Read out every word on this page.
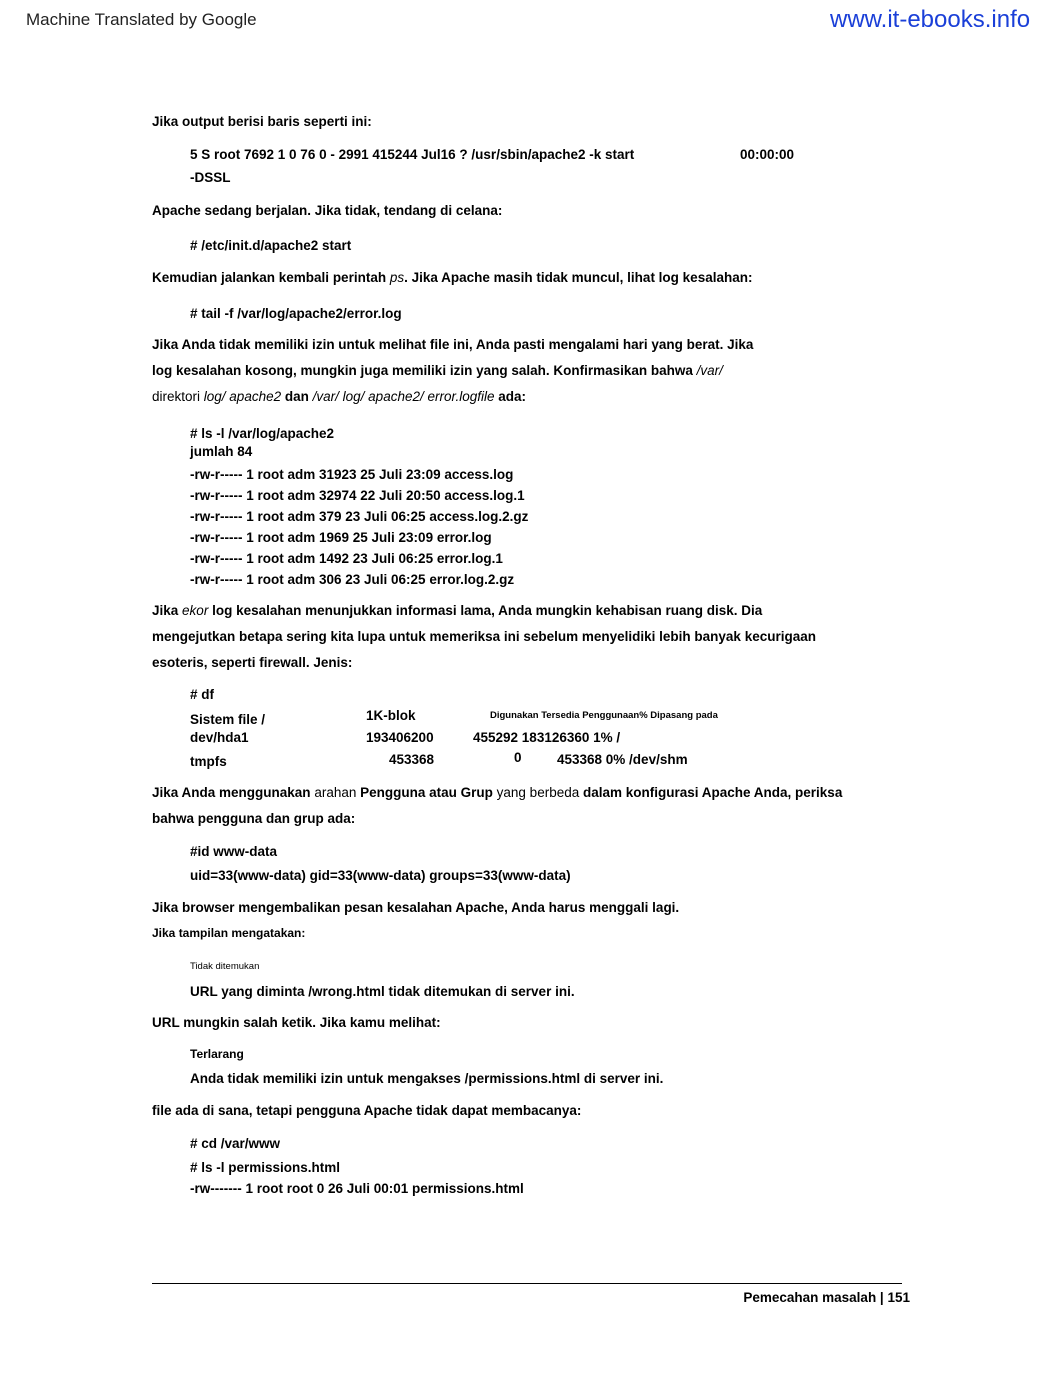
Machine Translated by Google	www.it-ebooks.info
Jika output berisi baris seperti ini:
5 S root 7692 1 0 76 0 - 2991 415244 Jul16 ? /usr/sbin/apache2 -k start	00:00:00
-DSSL
Apache sedang berjalan. Jika tidak, tendang di celana:
# /etc/init.d/apache2 start
Kemudian jalankan kembali perintah ps. Jika Apache masih tidak muncul, lihat log kesalahan:
# tail -f /var/log/apache2/error.log
Jika Anda tidak memiliki izin untuk melihat file ini, Anda pasti mengalami hari yang berat. Jika
log kesalahan kosong, mungkin juga memiliki izin yang salah. Konfirmasikan bahwa /var/
direktori log/ apache2 dan /var/ log/ apache2/ error.logfile ada:
# ls -l /var/log/apache2
jumlah 84
-rw-r----- 1 root adm 31923 25 Juli 23:09 access.log
-rw-r----- 1 root adm 32974 22 Juli 20:50 access.log.1
-rw-r----- 1 root adm 379 23 Juli 06:25 access.log.2.gz
-rw-r----- 1 root adm 1969 25 Juli 23:09 error.log
-rw-r----- 1 root adm 1492 23 Juli 06:25 error.log.1
-rw-r----- 1 root adm 306 23 Juli 06:25 error.log.2.gz
Jika ekor log kesalahan menunjukkan informasi lama, Anda mungkin kehabisan ruang disk. Dia
mengejutkan betapa sering kita lupa untuk memeriksa ini sebelum menyelidiki lebih banyak kecurigaan
esoteris, seperti firewall. Jenis:
# df
Sistem file /	1K-blok	Digunakan Tersedia Penggunaan% Dipasang pada
dev/hda1	193406200	455292 183126360 1% /
tmpfs	453368	0	453368 0% /dev/shm
Jika Anda menggunakan arahan Pengguna atau Grup yang berbeda dalam konfigurasi Apache Anda, periksa
bahwa pengguna dan grup ada:
#id www-data
uid=33(www-data) gid=33(www-data) groups=33(www-data)
Jika browser mengembalikan pesan kesalahan Apache, Anda harus menggali lagi.
Jika tampilan mengatakan:
Tidak ditemukan
URL yang diminta /wrong.html tidak ditemukan di server ini.
URL mungkin salah ketik. Jika kamu melihat:
Terlarang
Anda tidak memiliki izin untuk mengakses /permissions.html di server ini.
file ada di sana, tetapi pengguna Apache tidak dapat membacanya:
# cd /var/www
# ls -l permissions.html
-rw------- 1 root root 0 26 Juli 00:01 permissions.html
Pemecahan masalah | 151
